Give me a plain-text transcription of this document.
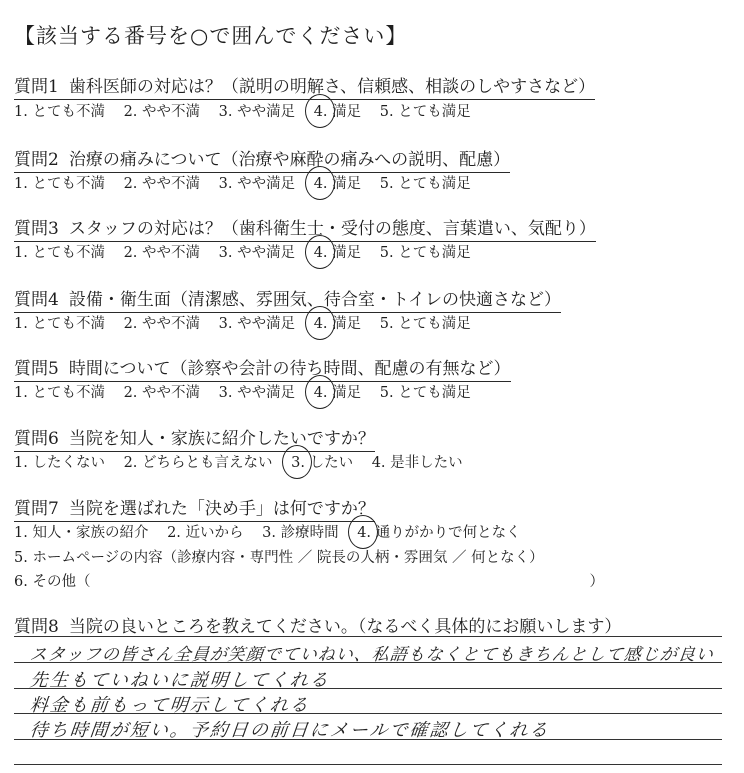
【該当する番号を○で囲んでください】
質問1 歯科医師の対応は？（説明の明解さ、信頼感、相談のしやすさなど）
1. とても不満 2. やや不満 3. やや満足 4. 満足 5. とても満足
質問2 治療の痛みについて（治療や麻酔の痛みへの説明、配慮）
1. とても不満 2. やや不満 3. やや満足 4. 満足 5. とても満足
質問3 スタッフの対応は？（歯科衛生士・受付の態度、言葉遣い、気配り）
1. とても不満 2. やや不満 3. やや満足 4. 満足 5. とても満足
質問4 設備・衛生面（清潔感、雰囲気、待合室・トイレの快適さなど）
1. とても不満 2. やや不満 3. やや満足 4. 満足 5. とても満足
質問5 時間について（診察や会計の待ち時間、配慮の有無など）
1. とても不満 2. やや不満 3. やや満足 4. 満足 5. とても満足
質問6 当院を知人・家族に紹介したいですか？
1. したくない 2. どちらとも言えない 3. したい 4. 是非したい
質問7 当院を選ばれた「決め手」は何ですか？
1. 知人・家族の紹介 2. 近いから 3. 診療時間 4. 通りがかりで何となく
5. ホームページの内容（診療内容・専門性 ／ 院長の人柄・雰囲気 ／ 何となく）
6. その他（	）
質問8 当院の良いところを教えてください。（なるべく具体的にお願いします）
スタッフの皆さん全員が笑顔でていねい、私語もなくとてもきちんとして感じが良い
先生もていねいに説明してくれる
料金も前もって明示してくれる
待ち時間が短い。予約日の前日にメールで確認してくれる
